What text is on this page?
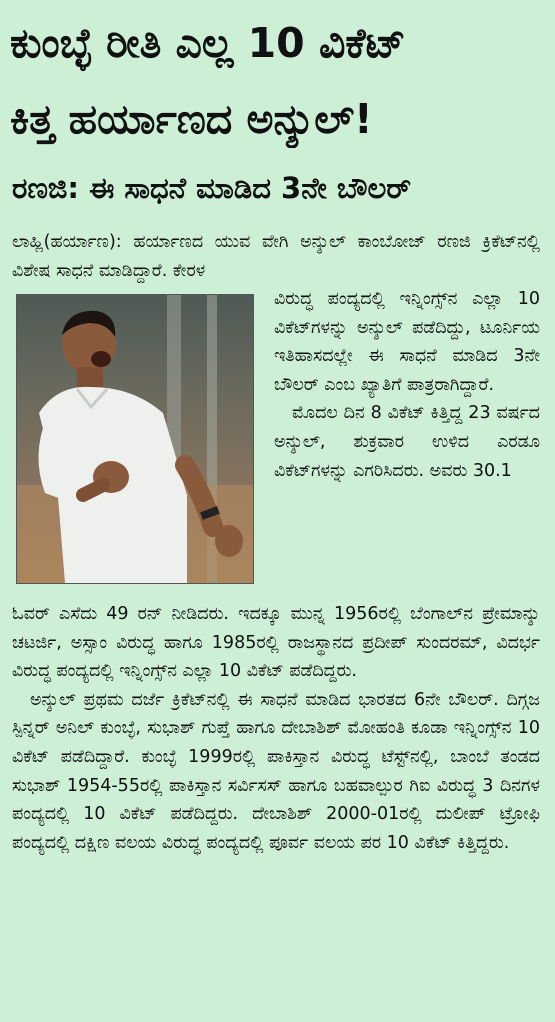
ಕುಂಬ್ಳೆ ರೀತಿ ಎಲ್ಲ 10 ವಿಕೆಟ್
ಕಿತ್ತ ಹರ್ಯಾಣದ ಅನ್ಶುಲ್!
ರಣಜಿ: ಈ ಸಾಧನೆ ಮಾಡಿದ 3ನೇ ಬೌಲರ್
ಲಾಹ್ಲಿ(ಹರ್ಯಾಣ): ಹರ್ಯಾಣದ ಯುವ ವೇಗಿ ಅನ್ಶುಲ್ ಕಾಂಬೋಜ್ ರಣಜಿ ಕ್ರಿಕೆಟ್‌ನಲ್ಲಿ ವಿಶೇಷ ಸಾಧನೆ ಮಾಡಿದ್ದಾರೆ. ಕೇರಳ
ವಿರುದ್ಧ ಪಂದ್ಯದಲ್ಲಿ ಇನ್ನಿಂಗ್ಸ್‌ನ ಎಲ್ಲಾ 10 ವಿಕೆಟ್‌ಗಳನ್ನು ಅನ್ಶುಲ್ ಪಡೆದಿದ್ದು, ಟೂರ್ನಿಯ ಇತಿಹಾಸದಲ್ಲೇ ಈ ಸಾಧನೆ ಮಾಡಿದ 3ನೇ ಬೌಲರ್ ಎಂಬ ಖ್ಯಾತಿಗೆ ಪಾತ್ರರಾಗಿದ್ದಾರೆ.
ಮೊದಲ ದಿನ 8 ವಿಕೆಟ್ ಕಿತ್ತಿದ್ದ 23 ವರ್ಷದ ಅನ್ಶುಲ್, ಶುಕ್ರವಾರ ಉಳಿದ ಎರಡೂ ವಿಕೆಟ್‌ಗಳನ್ನು ಎಗರಿಸಿದರು. ಅವರು 30.1
ಓವರ್ ಎಸೆದು 49 ರನ್ ನೀಡಿದರು. ಇದಕ್ಕೂ ಮುನ್ನ 1956ರಲ್ಲಿ ಬೆಂಗಾಲ್‌ನ ಪ್ರೇಮಾನ್ಶು ಚಟರ್ಜಿ, ಅಸ್ಸಾಂ ವಿರುದ್ಧ ಹಾಗೂ 1985ರಲ್ಲಿ ರಾಜಸ್ಥಾನದ ಪ್ರದೀಪ್ ಸುಂದರಮ್, ವಿದರ್ಭ ವಿರುದ್ಧ ಪಂದ್ಯದಲ್ಲಿ ಇನ್ನಿಂಗ್ಸ್‌ನ ಎಲ್ಲಾ 10 ವಿಕೆಟ್ ಪಡೆದಿದ್ದರು.
ಅನ್ಶುಲ್ ಪ್ರಥಮ ದರ್ಜೆ ಕ್ರಿಕೆಟ್‌ನಲ್ಲಿ ಈ ಸಾಧನೆ ಮಾಡಿದ ಭಾರತದ 6ನೇ ಬೌಲರ್. ದಿಗ್ಗಜ ಸ್ಪಿನ್ನರ್ ಅನಿಲ್ ಕುಂಬ್ಳೆ, ಸುಭಾಶ್ ಗುಪ್ತೆ ಹಾಗೂ ದೇಬಾಶಿಶ್ ಮೋಹಂತಿ ಕೂಡಾ ಇನ್ನಿಂಗ್ಸ್‌ನ 10 ವಿಕೆಟ್ ಪಡೆದಿದ್ದಾರೆ. ಕುಂಬ್ಳೆ 1999ರಲ್ಲಿ ಪಾಕಿಸ್ತಾನ ವಿರುದ್ಧ ಟೆಸ್ಟ್‌ನಲ್ಲಿ, ಬಾಂಬೆ ತಂಡದ ಸುಭಾಶ್ 1954-55ರಲ್ಲಿ ಪಾಕಿಸ್ತಾನ ಸರ್ವಿಸಸ್ ಹಾಗೂ ಬಹವಾಲ್ಪುರ ಗಿಐ ವಿರುದ್ಧ 3 ದಿನಗಳ ಪಂದ್ಯದಲ್ಲಿ 10 ವಿಕೆಟ್ ಪಡೆದಿದ್ದರು. ದೇಬಾಶಿಶ್ 2000-01ರಲ್ಲಿ ದುಲೀಪ್ ಟ್ರೋಫಿ ಪಂದ್ಯದಲ್ಲಿ ದಕ್ಷಿಣ ವಲಯ ವಿರುದ್ಧ ಪಂದ್ಯದಲ್ಲಿ ಪೂರ್ವ ವಲಯ ಪರ 10 ವಿಕೆಟ್ ಕಿತ್ತಿದ್ದರು.
